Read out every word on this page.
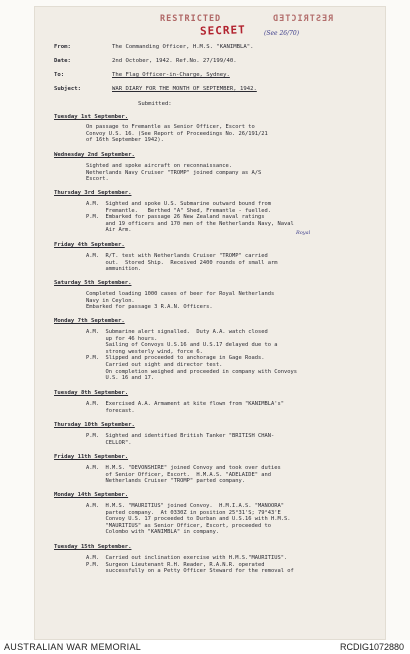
RESTRICTED
SECRET
RESTRICTED
(See 26/70)
From:	The Commanding Officer, H.M.S. "KANIMBLA".
Date:	2nd October, 1942. Ref.No. 27/199/40.
To:	The Flag Officer-in-Charge, Sydney.
Subject:	WAR DIARY FOR THE MONTH OF SEPTEMBER, 1942.
Submitted:
Tuesday 1st September.
On passage to Fremantle as Senior Officer, Escort to
Convoy U.S. 16. (See Report of Proceedings No. 26/191/21
of 16th September 1942).
Wednesday 2nd September.
Sighted and spoke aircraft on reconnaissance.
Netherlands Navy Cruiser "TROMP" joined company as A/S
Escort.
Thursday 3rd September.
A.M.  Sighted and spoke U.S. Submarine outward bound from
Fremantle.   Berthed "A" Shed, Fremantle - fuelled.
P.M.  Embarked for passage 26 New Zealand naval ratings
and 19 officers and 170 men of the Netherlands Navy, Naval
Air Arm.	Royal
Friday 4th September.
A.M.  R/T. test with Netherlands Cruiser "TROMP" carried
out.  Stored Ship.  Received 2400 rounds of small arm
ammunition.
Saturday 5th September.
Completed loading 1000 cases of beer for Royal Netherlands
Navy in Ceylon.
Embarked for passage 3 R.A.N. Officers.
Monday 7th September.
A.M.  Submarine alert signalled.  Duty A.A. watch closed
up for 46 hours.
Sailing of Convoys U.S.16 and U.S.17 delayed due to a
strong westerly wind, force 6.
P.M.  Slipped and proceeded to anchorage in Gage Roads.
Carried out sight and director test.
On completion weighed and proceeded in company with Convoys
U.S. 16 and 17.
Tuesday 8th September.
A.M.  Exercised A.A. Armament at kite flown from "KANIMBLA's"
forecast.
Thursday 10th September.
P.M.  Sighted and identified British Tanker "BRITISH CHAN-
CELLOR".
Friday 11th September.
A.M.  H.M.S. "DEVONSHIRE" joined Convoy and took over duties
of Senior Officer, Escort.  H.M.A.S. "ADELAIDE" and
Netherlands Cruiser "TROMP" parted company.
Monday 14th September.
A.M.  H.M.S. "MAURITIUS" joined Convoy.  H.M.I.A.S. "MANOORA"
parted company.  At 0330Z in position 25°31'S; 79°43'E
Convoy U.S. 17 proceeded to Durban and U.S.16 with H.M.S.
"MAURITIUS" as Senior Officer, Escort, proceeded to
Colombo with "KANIMBLA" in company.
Tuesday 15th September.
A.M.  Carried out inclination exercise with H.M.S."MAURITIUS".
P.M.  Surgeon Lieutenant R.H. Reader, R.A.N.R. operated
successfully on a Petty Officer Steward for the removal of
AUSTRALIAN WAR MEMORIAL	RCDIG1072880
